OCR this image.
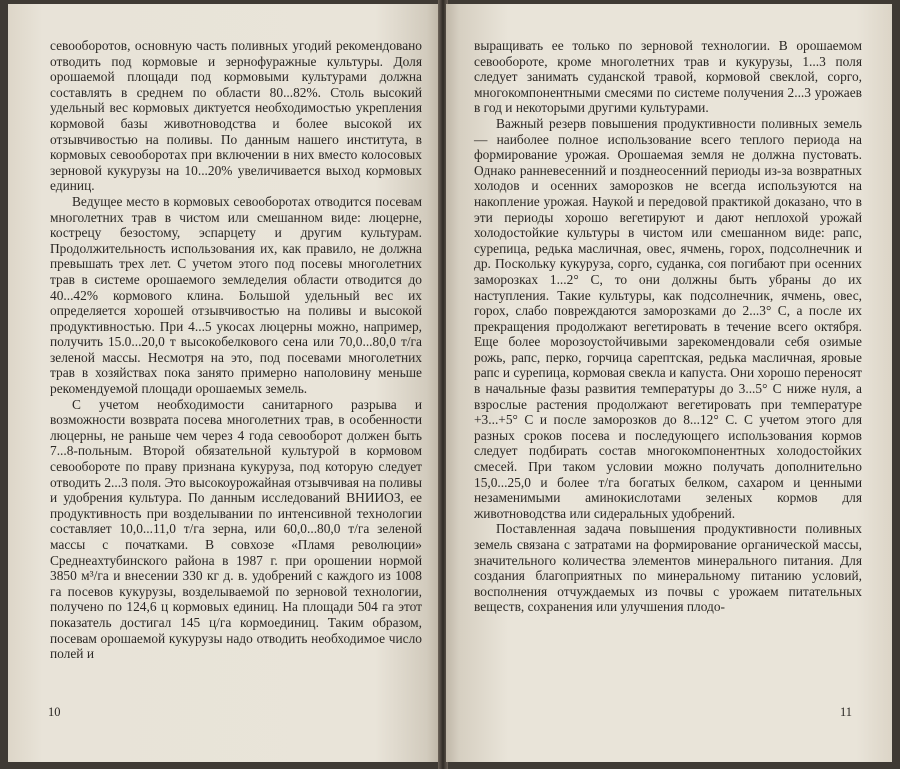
севооборотов, основную часть поливных угодий рекомендовано отводить под кормовые и зернофуражные культуры. Доля орошаемой площади под кормовыми культурами должна составлять в среднем по области 80...82%. Столь высокий удельный вес кормовых диктуется необходимостью укрепления кормовой базы животноводства и более высокой их отзывчивостью на поливы. По данным нашего института, в кормовых севооборотах при включении в них вместо колосовых зерновой кукурузы на 10...20% увеличивается выход кормовых единиц.

Ведущее место в кормовых севооборотах отводится посевам многолетних трав в чистом или смешанном виде: люцерне, кострецу безостому, эспарцету и другим культурам. Продолжительность использования их, как правило, не должна превышать трех лет. С учетом этого под посевы многолетних трав в системе орошаемого земледелия области отводится до 40...42% кормового клина. Большой удельный вес их определяется хорошей отзывчивостью на поливы и высокой продуктивностью. При 4...5 укосах люцерны можно, например, получить 15.0...20,0 т высокобелкового сена или 70,0...80,0 т/га зеленой массы. Несмотря на это, под посевами многолетних трав в хозяйствах пока занято примерно наполовину меньше рекомендуемой площади орошаемых земель.

С учетом необходимости санитарного разрыва и возможности возврата посева многолетних трав, в особенности люцерны, не раньше чем через 4 года севооборот должен быть 7...8-польным. Второй обязательной культурой в кормовом севообороте по праву признана кукуруза, под которую следует отводить 2...3 поля. Это высокоурожайная отзывчивая на поливы и удобрения культура. По данным исследований ВНИИОЗ, ее продуктивность при возделывании по интенсивной технологии составляет 10,0...11,0 т/га зерна, или 60,0...80,0 т/га зеленой массы с початками. В совхозе «Пламя революции» Среднеахтубинского района в 1987 г. при орошении нормой 3850 м³/га и внесении 330 кг д. в. удобрений с каждого из 1008 га посевов кукурузы, возделываемой по зерновой технологии, получено по 124,6 ц кормовых единиц. На площади 504 га этот показатель достигал 145 ц/га кормоединиц. Таким образом, посевам орошаемой кукурузы надо отводить необходимое число полей и

10

выращивать ее только по зерновой технологии. В орошаемом севообороте, кроме многолетних трав и кукурузы, 1...3 поля следует занимать суданской травой, кормовой свеклой, сорго, многокомпонентными смесями по системе получения 2...3 урожаев в год и некоторыми другими культурами.

Важный резерв повышения продуктивности поливных земель — наиболее полное использование всего теплого периода на формирование урожая. Орошаемая земля не должна пустовать. Однако ранневесенний и позднеосенний периоды из-за возвратных холодов и осенних заморозков не всегда используются на накопление урожая. Наукой и передовой практикой доказано, что в эти периоды хорошо вегетируют и дают неплохой урожай холодостойкие культуры в чистом или смешанном виде: рапс, сурепица, редька масличная, овес, ячмень, горох, подсолнечник и др. Поскольку кукуруза, сорго, суданка, соя погибают при осенних заморозках 1...2° С, то они должны быть убраны до их наступления. Такие культуры, как подсолнечник, ячмень, овес, горох, слабо повреждаются заморозками до 2...3° С, а после их прекращения продолжают вегетировать в течение всего октября. Еще более морозоустойчивыми зарекомендовали себя озимые рожь, рапс, перко, горчица сарептская, редька масличная, яровые рапс и сурепица, кормовая свекла и капуста. Они хорошо переносят в начальные фазы развития температуры до 3...5° С ниже нуля, а взрослые растения продолжают вегетировать при температуре +3...+5° С и после заморозков до 8...12° С. С учетом этого для разных сроков посева и последующего использования кормов следует подбирать состав многокомпонентных холодостойких смесей. При таком условии можно получать дополнительно 15,0...25,0 и более т/га богатых белком, сахаром и ценными незаменимыми аминокислотами зеленых кормов для животноводства или сидеральных удобрений.

Поставленная задача повышения продуктивности поливных земель связана с затратами на формирование органической массы, значительного количества элементов минерального питания. Для создания благоприятных по минеральному питанию условий, восполнения отчуждаемых из почвы с урожаем питательных веществ, сохранения или улучшения плодо-

11
